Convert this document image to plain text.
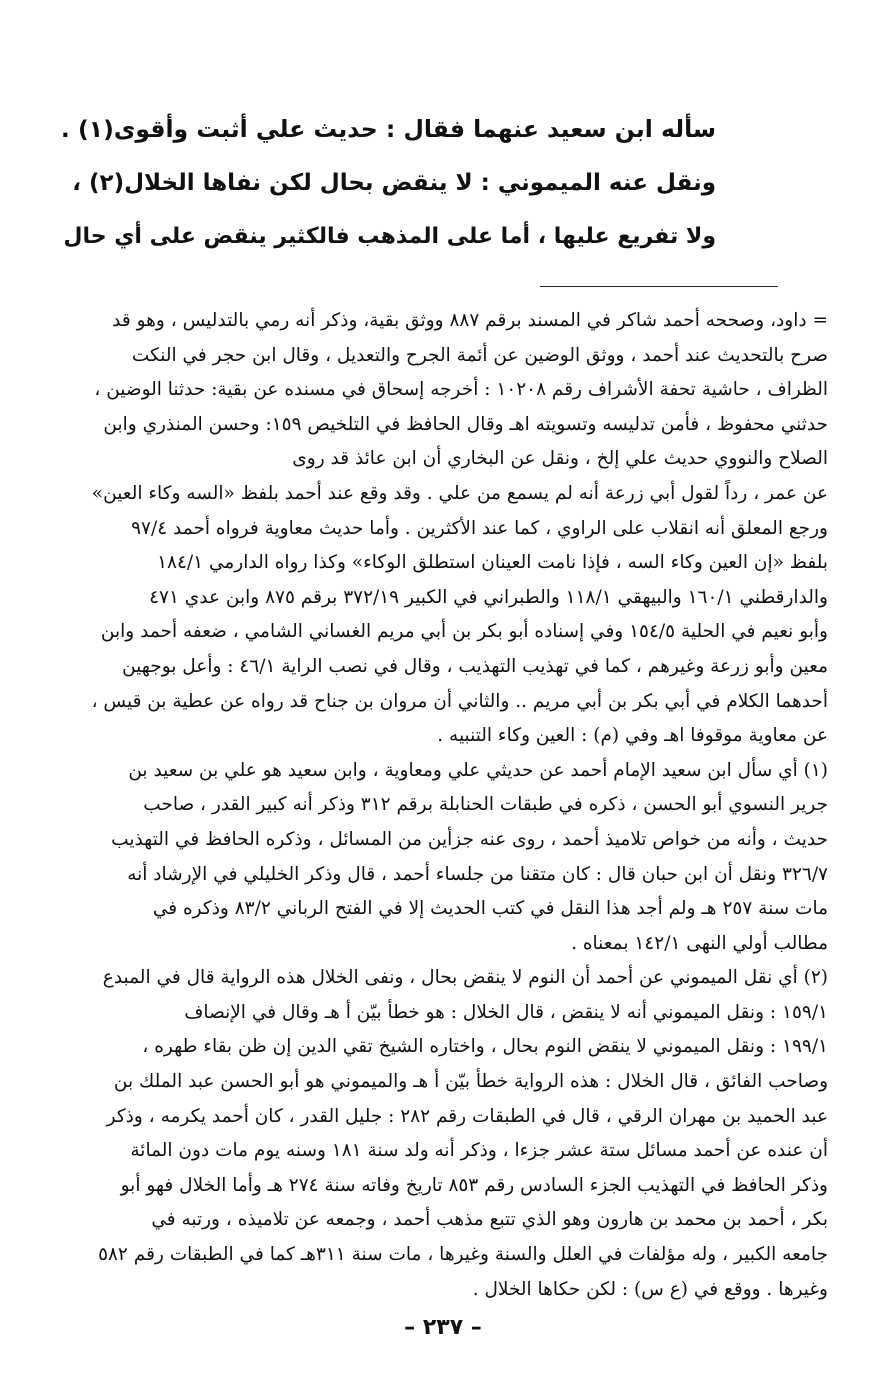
سأله ابن سعيد عنهما فقال : حديث علي أثبت وأقوى(١) .
ونقل عنه الميموني : لا ينقض بحال لكن نفاها الخلال(٢) ،
ولا تفريع عليها ، أما على المذهب فالكثير ينقض على أي حال
= داود، وصححه أحمد شاكر في المسند برقم ٨٨٧ ووثق بقية، وذكر أنه رمي بالتدليس ، وهو قد
صرح بالتحديث عند أحمد ، ووثق الوضين عن أئمة الجرح والتعديل ، وقال ابن حجر في النكت
الظراف ، حاشية تحفة الأشراف رقم ١٠٢٠٨ : أخرجه إسحاق في مسنده عن بقية: حدثنا الوضين ،
حدثني محفوظ ، فأمن تدليسه وتسويته اهـ وقال الحافظ في التلخيص ١٥٩: وحسن المنذري وابن
الصلاح والنووي حديث علي إلخ ، ونقل عن البخاري أن ابن عائذ قد روى
عن عمر ، رداً لقول أبي زرعة أنه لم يسمع من علي . وقد وقع عند أحمد بلفظ «السه وكاء العين»
ورجع المعلق أنه انقلاب على الراوي ، كما عند الأكثرين . وأما حديث معاوية فرواه أحمد ٩٧/٤
بلفظ «إن العين وكاء السه ، فإذا نامت العينان استطلق الوكاء» وكذا رواه الدارمي ١٨٤/١
والدارقطني ١٦٠/١ والبيهقي ١١٨/١ والطبراني في الكبير ٣٧٢/١٩ برقم ٨٧٥ وابن عدي ٤٧١
وأبو نعيم في الحلية ١٥٤/٥ وفي إسناده أبو بكر بن أبي مريم الغساني الشامي ، ضعفه أحمد وابن
معين وأبو زرعة وغيرهم ، كما في تهذيب التهذيب ، وقال في نصب الراية ٤٦/١ : وأعل بوجهين
أحدهما الكلام في أبي بكر بن أبي مريم .. والثاني أن مروان بن جناح قد رواه عن عطية بن قيس ،
عن معاوية موقوفا اهـ وفي (م) : العين وكاء التنبيه .
(١) أي سأل ابن سعيد الإمام أحمد عن حديثي علي ومعاوية ، وابن سعيد هو علي بن سعيد بن
جرير النسوي أبو الحسن ، ذكره في طبقات الحنابلة برقم ٣١٢ وذكر أنه كبير القدر ، صاحب
حديث ، وأنه من خواص تلاميذ أحمد ، روى عنه جزأين من المسائل ، وذكره الحافظ في التهذيب
٣٢٦/٧ ونقل أن ابن حبان قال : كان متقنا من جلساء أحمد ، قال وذكر الخليلي في الإرشاد أنه
مات سنة ٢٥٧ هـ ولم أجد هذا النقل في كتب الحديث إلا في الفتح الرباني ٨٣/٢ وذكره في
مطالب أولي النهى ١٤٢/١ بمعناه .
(٢) أي نقل الميموني عن أحمد أن النوم لا ينقض بحال ، ونفى الخلال هذه الرواية قال في المبدع
١٥٩/١ : ونقل الميموني أنه لا ينقض ، قال الخلال : هو خطأ بيّن أ هـ وقال في الإنصاف
١٩٩/١ : ونقل الميموني لا ينقض النوم بحال ، واختاره الشيخ تقي الدين إن ظن بقاء طهره ،
وصاحب الفائق ، قال الخلال : هذه الرواية خطأ بيّن أ هـ والميموني هو أبو الحسن عبد الملك بن
عبد الحميد بن مهران الرقي ، قال في الطبقات رقم ٢٨٢ : جليل القدر ، كان أحمد يكرمه ، وذكر
أن عنده عن أحمد مسائل ستة عشر جزءا ، وذكر أنه ولد سنة ١٨١ وسنه يوم مات دون المائة
وذكر الحافظ في التهذيب الجزء السادس رقم ٨٥٣ تاريخ وفاته سنة ٢٧٤ هـ وأما الخلال فهو أبو
بكر ، أحمد بن محمد بن هارون وهو الذي تتبع مذهب أحمد ، وجمعه عن تلاميذه ، ورتبه في
جامعه الكبير ، وله مؤلفات في العلل والسنة وغيرها ، مات سنة ٣١١هـ كما في الطبقات رقم ٥٨٢
وغيرها . ووقع في (ع س) : لكن حكاها الخلال .
– ٢٣٧ –
